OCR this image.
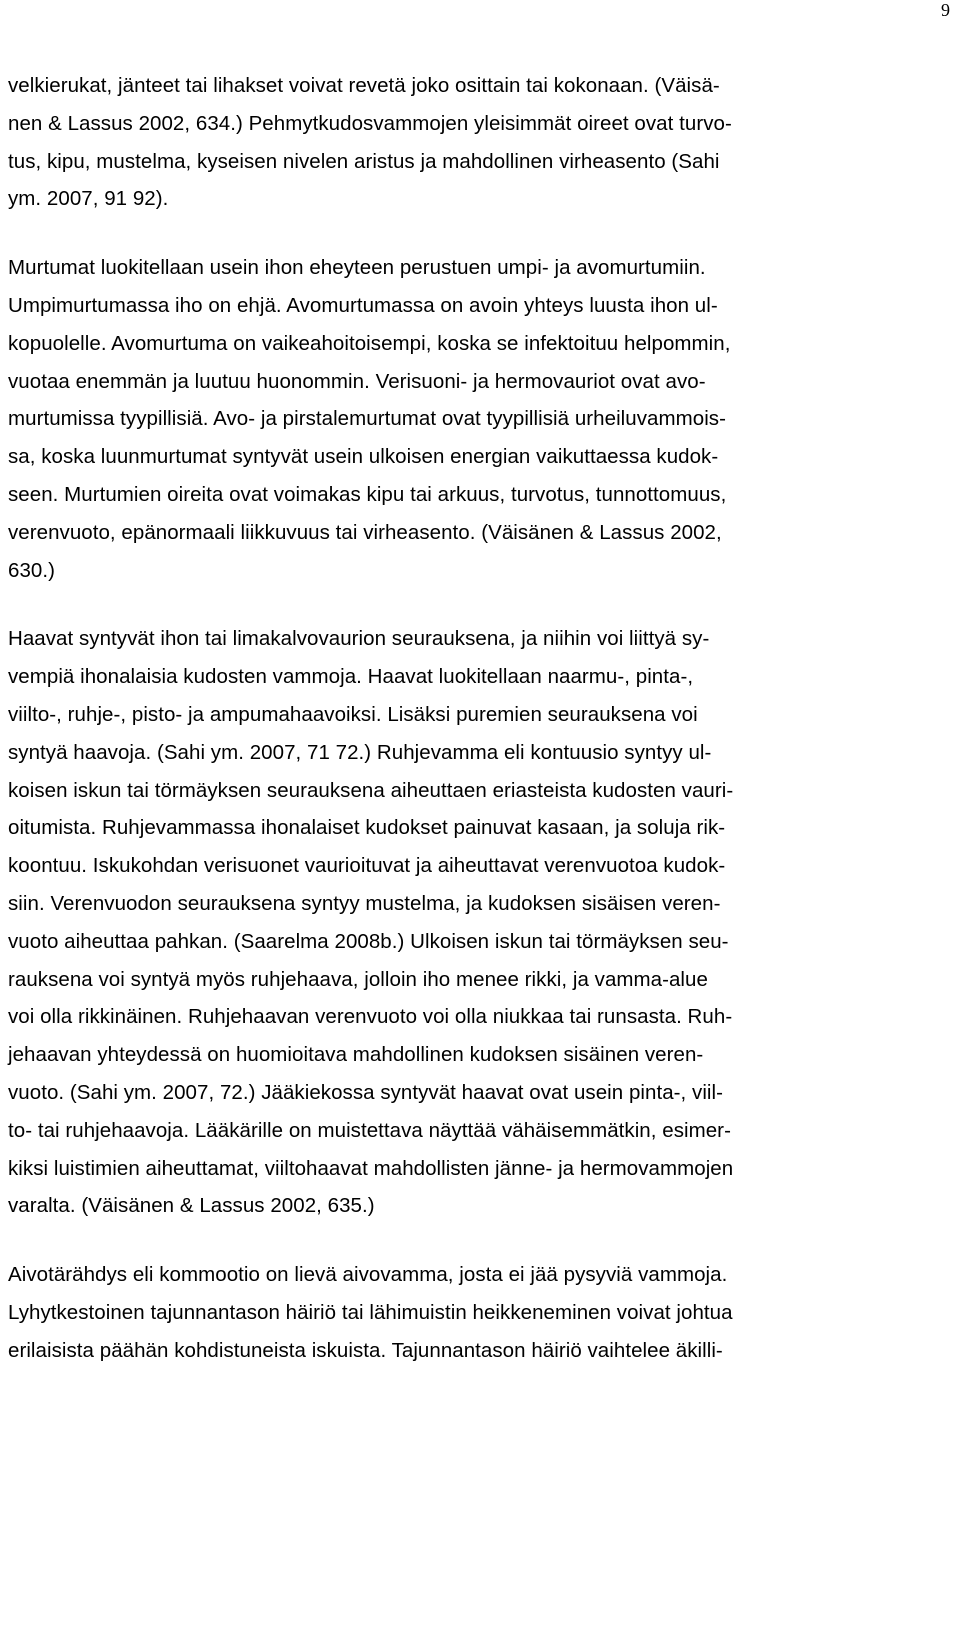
9

velkierukat, jänteet tai lihakset voivat revetä joko osittain tai kokonaan. (Väisä-
nen & Lassus 2002, 634.) Pehmytkudosvammojen yleisimmät oireet ovat turvo-
tus, kipu, mustelma, kyseisen nivelen aristus ja mahdollinen virheasento (Sahi
ym. 2007, 91 92).

Murtumat luokitellaan usein ihon eheyteen perustuen umpi- ja avomurtumiin.
Umpimurtumassa iho on ehjä. Avomurtumassa on avoin yhteys luusta ihon ul-
kopuolelle. Avomurtuma on vaikeahoitoisempi, koska se infektoituu helpommin,
vuotaa enemmän ja luutuu huonommin. Verisuoni- ja hermovauriot ovat avo-
murtumissa tyypillisiä. Avo- ja pirstalemurtumat ovat tyypillisiä urheiluvammois-
sa, koska luunmurtumat syntyvät usein ulkoisen energian vaikuttaessa kudok-
seen. Murtumien oireita ovat voimakas kipu tai arkuus, turvotus, tunnottomuus,
verenvuoto, epänormaali liikkuvuus tai virheasento. (Väisänen & Lassus 2002,
630.)

Haavat syntyvät ihon tai limakalvovaurion seurauksena, ja niihin voi liittyä sy-
vempiä ihonalaisia kudosten vammoja. Haavat luokitellaan naarmu-, pinta-,
viilto-, ruhje-, pisto- ja ampumahaavoiksi. Lisäksi puremien seurauksena voi
syntyä haavoja. (Sahi ym. 2007, 71 72.) Ruhjevamma eli kontuusio syntyy ul-
koisen iskun tai törmäyksen seurauksena aiheuttaen eriasteista kudosten vauri-
oitumista. Ruhjevammassa ihonalaiset kudokset painuvat kasaan, ja soluja rik-
koontuu. Iskukohdan verisuonet vaurioituvat ja aiheuttavat verenvuotoa kudok-
siin. Verenvuodon seurauksena syntyy mustelma, ja kudoksen sisäisen veren-
vuoto aiheuttaa pahkan. (Saarelma 2008b.) Ulkoisen iskun tai törmäyksen seu-
rauksena voi syntyä myös ruhjehaava, jolloin iho menee rikki, ja vamma-alue
voi olla rikkinäinen. Ruhjehaavan verenvuoto voi olla niukkaa tai runsasta. Ruh-
jehaavan yhteydessä on huomioitava mahdollinen kudoksen sisäinen veren-
vuoto. (Sahi ym. 2007, 72.) Jääkiekossa syntyvät haavat ovat usein pinta-, viil-
to- tai ruhjehaavoja. Lääkärille on muistettava näyttää vähäisemmätkin, esimer-
kiksi luistimien aiheuttamat, viiltohaavat mahdollisten jänne- ja hermovammojen
varalta. (Väisänen & Lassus 2002, 635.)

Aivotärähdys eli kommootio on lievä aivovamma, josta ei jää pysyviä vammoja.
Lyhytkestoinen tajunnantason häiriö tai lähimuistin heikkeneminen voivat johtua
erilaisista päähän kohdistuneista iskuista. Tajunnantason häiriö vaihtelee äkilli-
